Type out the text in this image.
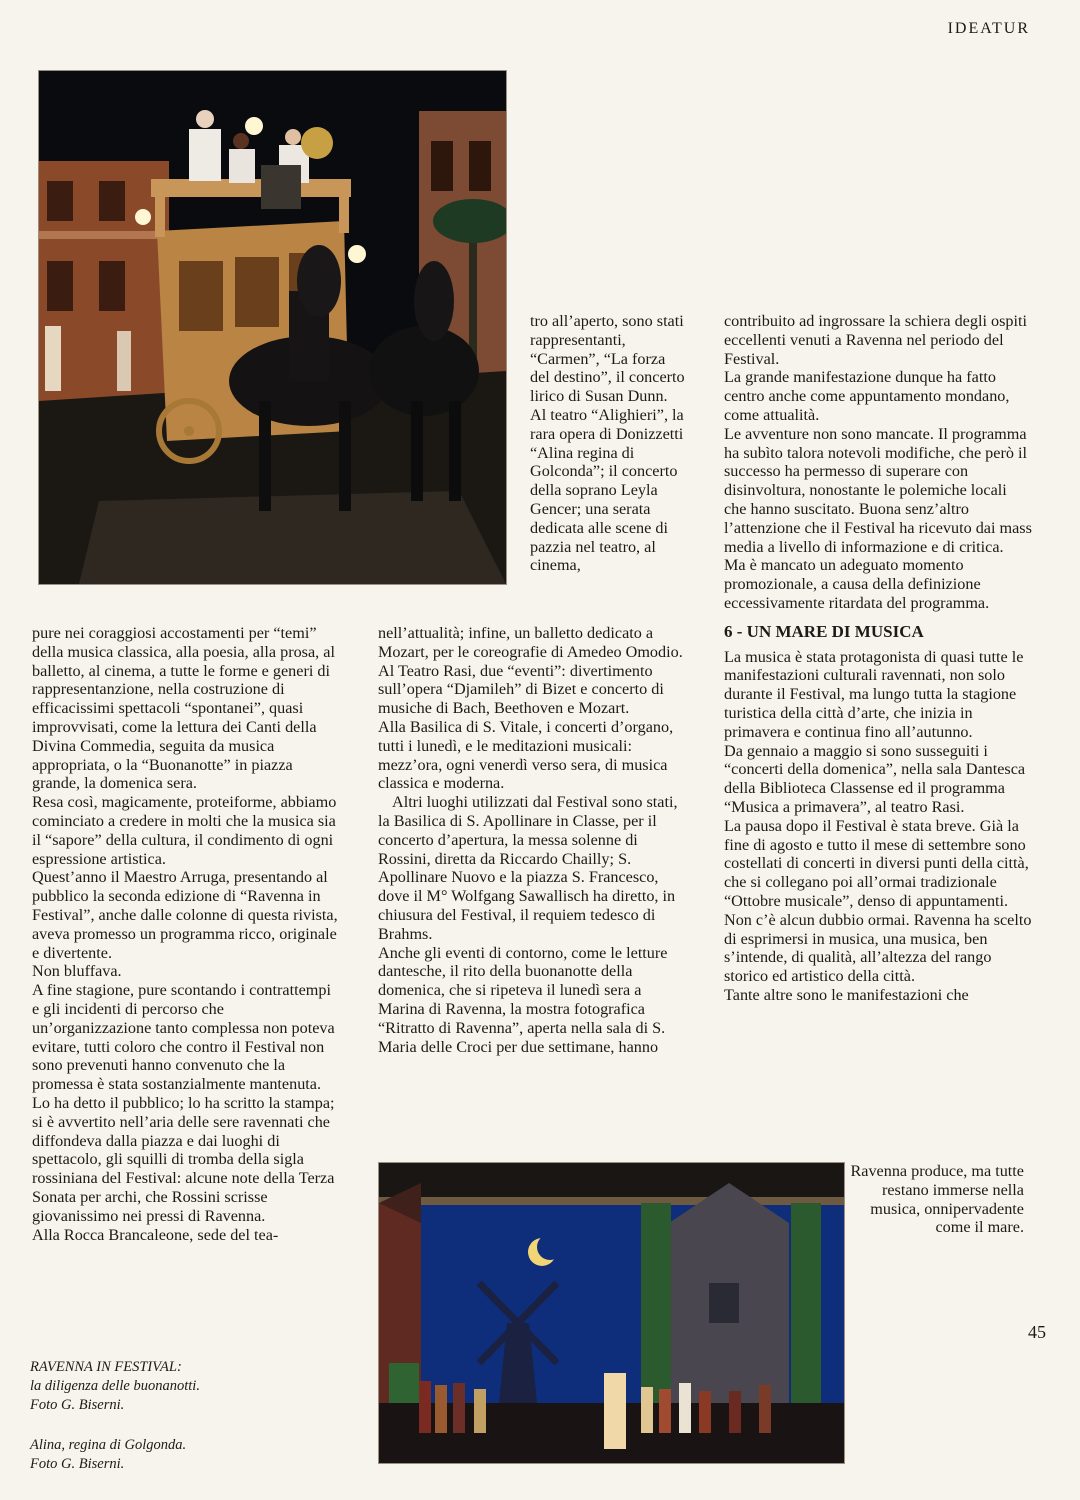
IDEATUR

pure nei coraggiosi accostamenti per “temi” della musica classica, alla poesia, alla prosa, al balletto, al cinema, a tutte le forme e generi di rappresentanzione, nella costruzione di efficacissimi spettacoli “spontanei”, quasi improvvisati, come la lettura dei Canti della Divina Commedia, seguita da musica appropriata, o la “Buonanotte” in piazza grande, la domenica sera.

Resa così, magicamente, proteiforme, abbiamo cominciato a credere in molti che la musica sia il “sapore” della cultura, il condimento di ogni espressione artistica.

Quest’anno il Maestro Arruga, presentando al pubblico la seconda edizione di “Ravenna in Festival”, anche dalle colonne di questa rivista, aveva promesso un programma ricco, originale e divertente.

Non bluffava.

A fine stagione, pure scontando i contrattempi e gli incidenti di percorso che un’organizzazione tanto complessa non poteva evitare, tutti coloro che contro il Festival non sono prevenuti hanno convenuto che la promessa è stata sostanzialmente mantenuta.

Lo ha detto il pubblico; lo ha scritto la stampa; si è avvertito nell’aria delle sere ravennati che diffondeva dalla piazza e dai luoghi di spettacolo, gli squilli di tromba della sigla rossiniana del Festival: alcune note della Terza Sonata per archi, che Rossini scrisse giovanissimo nei pressi di Ravenna.

Alla Rocca Brancaleone, sede del tea-

tro all’aperto, sono stati rappresentanti, “Carmen”, “La forza del destino”, il concerto lirico di Susan Dunn.

Al teatro “Alighieri”, la rara opera di Donizzetti “Alina regina di Golconda”; il concerto della soprano Leyla Gencer; una serata dedicata alle scene di pazzia nel teatro, al cinema,

nell’attualità; infine, un balletto dedicato a Mozart, per le coreografie di Amedeo Omodio.

Al Teatro Rasi, due “eventi”: divertimento sull’opera “Djamileh” di Bizet e concerto di musiche di Bach, Beethoven e Mozart.

Alla Basilica di S. Vitale, i concerti d’organo, tutti i lunedì, e le meditazioni musicali: mezz’ora, ogni venerdì verso sera, di musica classica e moderna.

Altri luoghi utilizzati dal Festival sono stati, la Basilica di S. Apollinare in Classe, per il concerto d’apertura, la messa solenne di Rossini, diretta da Riccardo Chailly; S. Apollinare Nuovo e la piazza S. Francesco, dove il M° Wolfgang Sawallisch ha diretto, in chiusura del Festival, il requiem tedesco di Brahms.

Anche gli eventi di contorno, come le letture dantesche, il rito della buonanotte della domenica, che si ripeteva il lunedì sera a Marina di Ravenna, la mostra fotografica “Ritratto di Ravenna”, aperta nella sala di S. Maria delle Croci per due settimane, hanno

contribuito ad ingrossare la schiera degli ospiti eccellenti venuti a Ravenna nel periodo del Festival.

La grande manifestazione dunque ha fatto centro anche come appuntamento mondano, come attualità.

Le avventure non sono mancate. Il programma ha subìto talora notevoli modifiche, che però il successo ha permesso di superare con disinvoltura, nonostante le polemiche locali che hanno suscitato. Buona senz’altro l’attenzione che il Festival ha ricevuto dai mass media a livello di informazione e di critica.

Ma è mancato un adeguato momento promozionale, a causa della definizione eccessivamente ritardata del programma.

6 - UN MARE DI MUSICA

La musica è stata protagonista di quasi tutte le manifestazioni culturali ravennati, non solo durante il Festival, ma lungo tutta la stagione turistica della città d’arte, che inizia in primavera e continua fino all’autunno.

Da gennaio a maggio si sono susseguiti i “concerti della domenica”, nella sala Dantesca della Biblioteca Classense ed il programma “Musica a primavera”, al teatro Rasi.

La pausa dopo il Festival è stata breve. Già la fine di agosto e tutto il mese di settembre sono costellati di concerti in diversi punti della città, che si collegano poi all’ormai tradizionale “Ottobre musicale”, denso di appuntamenti.

Non c’è alcun dubbio ormai. Ravenna ha scelto di esprimersi in musica, una musica, ben s’intende, di qualità, all’altezza del rango storico ed artistico della città.

Tante altre sono le manifestazioni che

Ravenna produce, ma tutte restano immerse nella musica, onnipervadente come il mare.

RAVENNA IN FESTIVAL:
la diligenza delle buonanotti.
Foto G. Biserni.
Alina, regina di Golgonda.
Foto G. Biserni.
45
